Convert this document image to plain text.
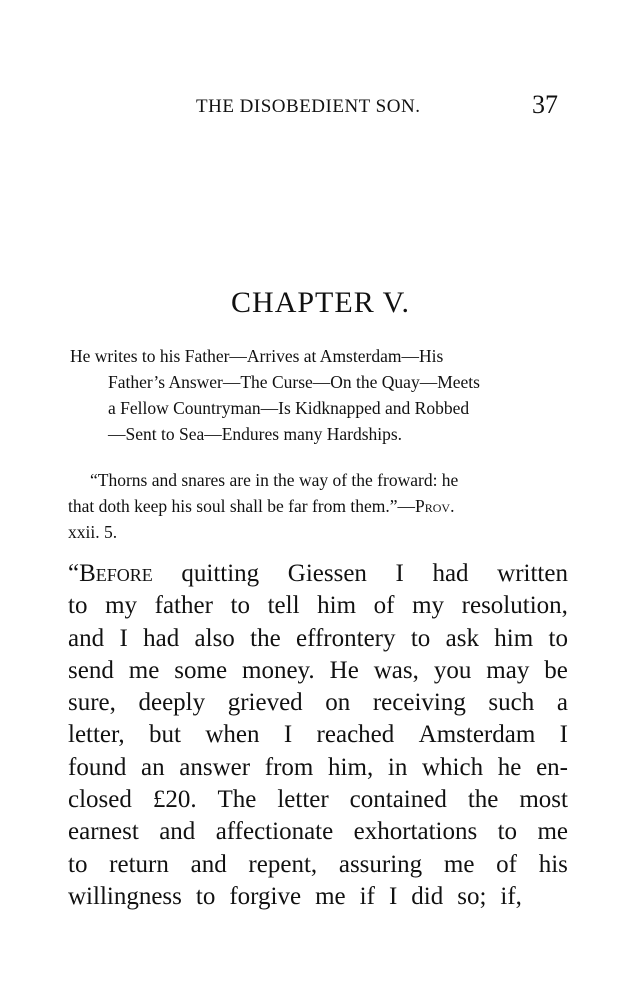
THE DISOBEDIENT SON.	37
CHAPTER V.
He writes to his Father—Arrives at Amsterdam—His
Father’s Answer—The Curse—On the Quay—Meets
a Fellow Countryman—Is Kidknapped and Robbed
—Sent to Sea—Endures many Hardships.
“Thorns and snares are in the way of the froward: he
that doth keep his soul shall be far from them.”—Prov.
xxii. 5.
“Before quitting Giessen I had written
to my father to tell him of my resolution,
and I had also the effrontery to ask him to
send me some money. He was, you may be
sure, deeply grieved on receiving such a
letter, but when I reached Amsterdam I
found an answer from him, in which he en-
closed £20. The letter contained the most
earnest and affectionate exhortations to me
to return and repent, assuring me of his
willingness to forgive me if I did so; if,
